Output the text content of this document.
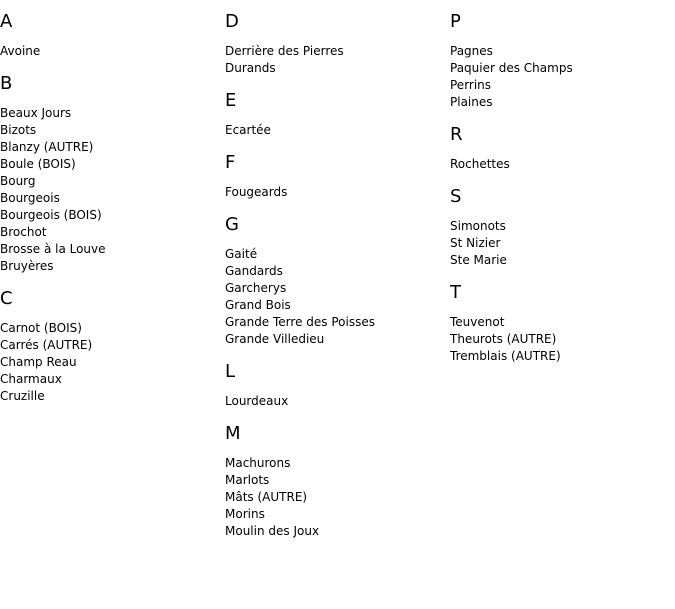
A
Avoine
B
Beaux Jours
Bizots
Blanzy (AUTRE)
Boule (BOIS)
Bourg
Bourgeois
Bourgeois (BOIS)
Brochot
Brosse à la Louve
Bruyères
C
Carnot (BOIS)
Carrés (AUTRE)
Champ Reau
Charmaux
Cruzille
D
Derrière des Pierres
Durands
E
Ecartée
F
Fougeards
G
Gaité
Gandards
Garcherys
Grand Bois
Grande Terre des Poisses
Grande Villedieu
L
Lourdeaux
M
Machurons
Marlots
Mâts (AUTRE)
Morins
Moulin des Joux
P
Pagnes
Paquier des Champs
Perrins
Plaines
R
Rochettes
S
Simonots
St Nizier
Ste Marie
T
Teuvenot
Theurots (AUTRE)
Tremblais (AUTRE)
